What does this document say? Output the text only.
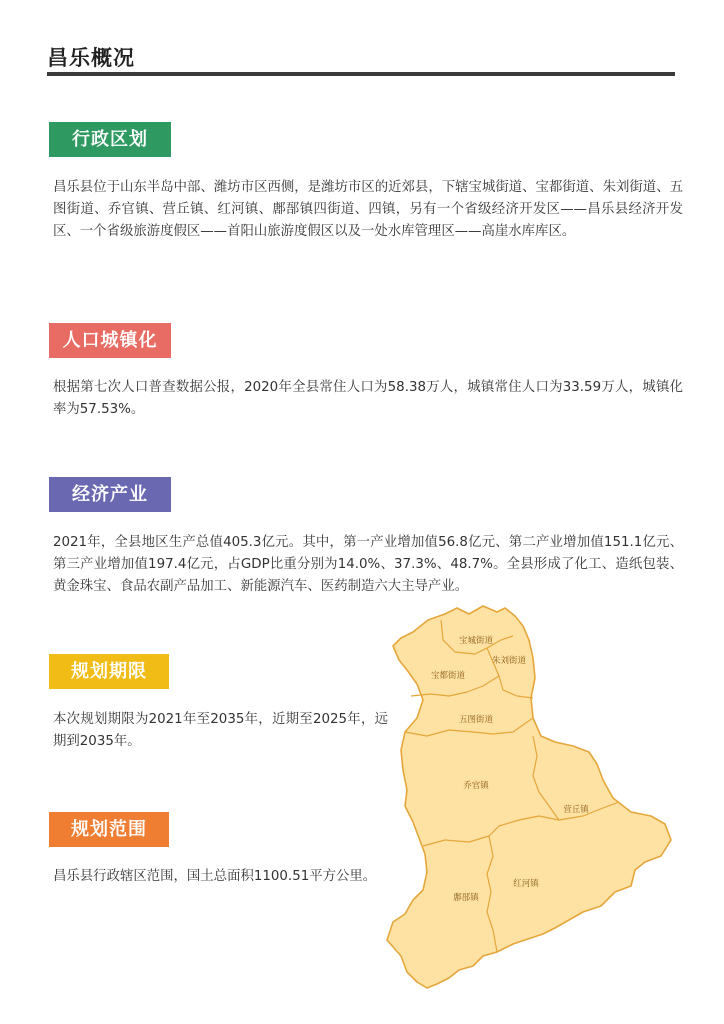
昌乐概况
行政区划
昌乐县位于山东半岛中部、潍坊市区西侧，是潍坊市区的近郊县，下辖宝城街道、宝都街道、朱刘街道、五图街道、乔官镇、营丘镇、红河镇、鄌郚镇四街道、四镇，另有一个省级经济开发区——昌乐县经济开发区、一个省级旅游度假区——首阳山旅游度假区以及一处水库管理区——高崖水库库区。
人口城镇化
根据第七次人口普查数据公报，2020年全县常住人口为58.38万人，城镇常住人口为33.59万人，城镇化率为57.53%。
经济产业
2021年，全县地区生产总值405.3亿元。其中，第一产业增加值56.8亿元、第二产业增加值151.1亿元、第三产业增加值197.4亿元，占GDP比重分别为14.0%、37.3%、48.7%。全县形成了化工、造纸包装、黄金珠宝、食品农副产品加工、新能源汽车、医药制造六大主导产业。
规划期限
本次规划期限为2021年至2035年，近期至2025年，远期到2035年。
规划范围
昌乐县行政辖区范围，国土总面积1100.51平方公里。
宝城街道
朱刘街道
宝都街道
五图街道
乔官镇
营丘镇
红河镇
鄌郚镇
